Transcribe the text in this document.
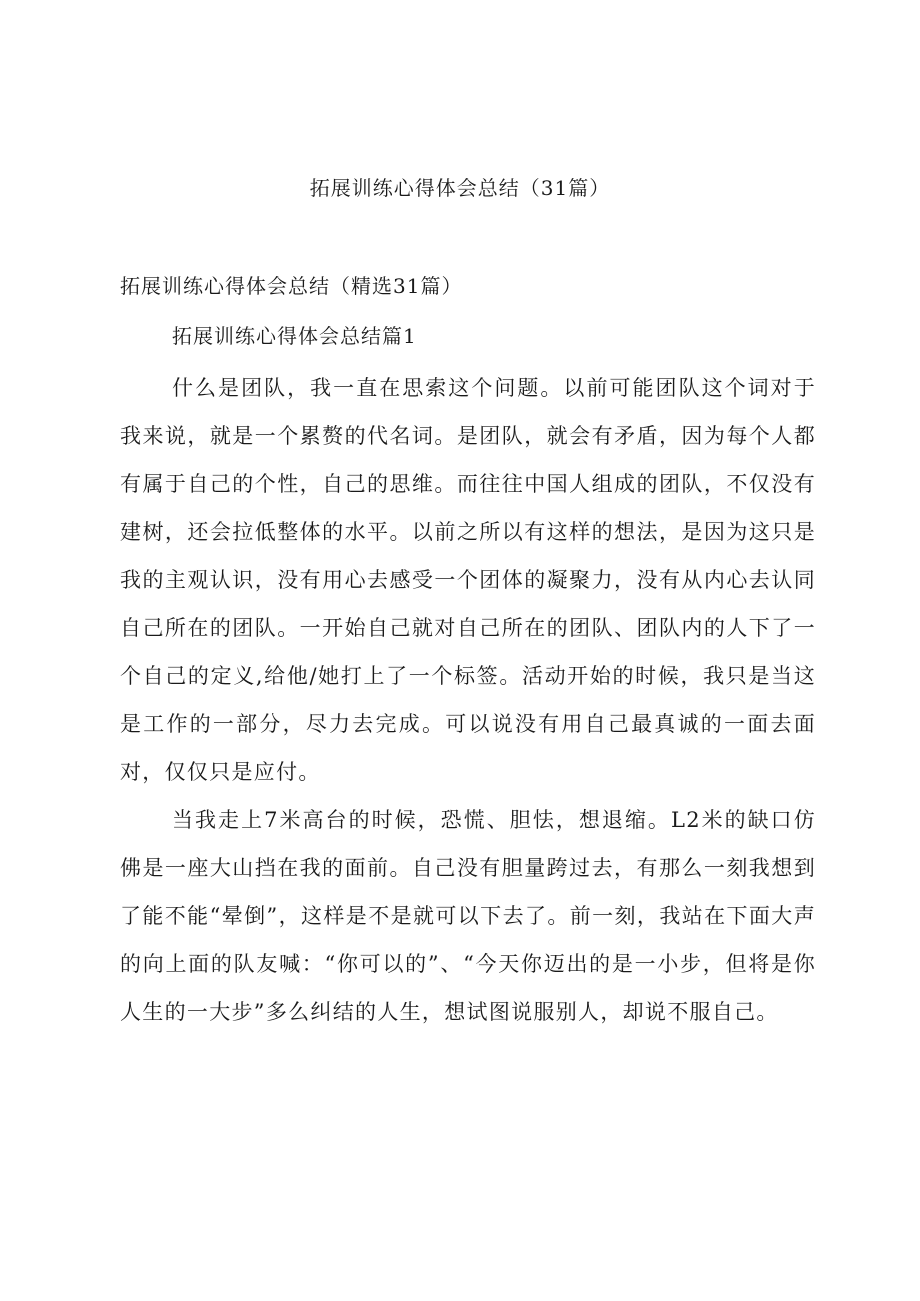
拓展训练心得体会总结（31篇）

拓展训练心得体会总结（精选31篇）

拓展训练心得体会总结篇1

什么是团队，我一直在思索这个问题。以前可能团队这个词对于我来说，就是一个累赘的代名词。是团队，就会有矛盾，因为每个人都有属于自己的个性，自己的思维。而往往中国人组成的团队，不仅没有建树，还会拉低整体的水平。以前之所以有这样的想法，是因为这只是我的主观认识，没有用心去感受一个团体的凝聚力，没有从内心去认同自己所在的团队。一开始自己就对自己所在的团队、团队内的人下了一个自己的定义,给他/她打上了一个标签。活动开始的时候，我只是当这是工作的一部分，尽力去完成。可以说没有用自己最真诚的一面去面对，仅仅只是应付。

当我走上7米高台的时候，恐慌、胆怯，想退缩。L2米的缺口仿佛是一座大山挡在我的面前。自己没有胆量跨过去，有那么一刻我想到了能不能“晕倒”，这样是不是就可以下去了。前一刻，我站在下面大声的向上面的队友喊：“你可以的”、“今天你迈出的是一小步，但将是你人生的一大步”多么纠结的人生，想试图说服别人，却说不服自己。
